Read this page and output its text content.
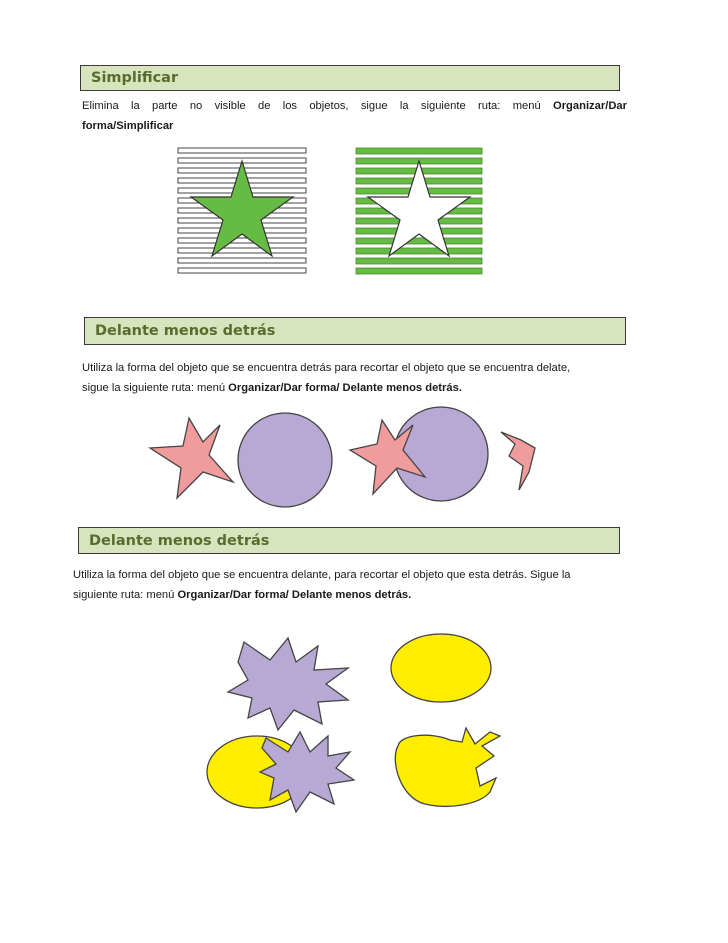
Simplificar
Elimina la parte no visible de los objetos, sigue la siguiente ruta: menú Organizar/Dar
forma/Simplificar
Delante menos detrás
Utiliza la forma del objeto que se encuentra detrás para recortar el objeto que se encuentra delate,
sigue la siguiente ruta: menú Organizar/Dar forma/ Delante menos detrás.
Delante menos detrás
Utiliza la forma del objeto que se encuentra delante, para recortar el objeto que esta detrás. Sigue la
siguiente ruta: menú Organizar/Dar forma/ Delante menos detrás.
